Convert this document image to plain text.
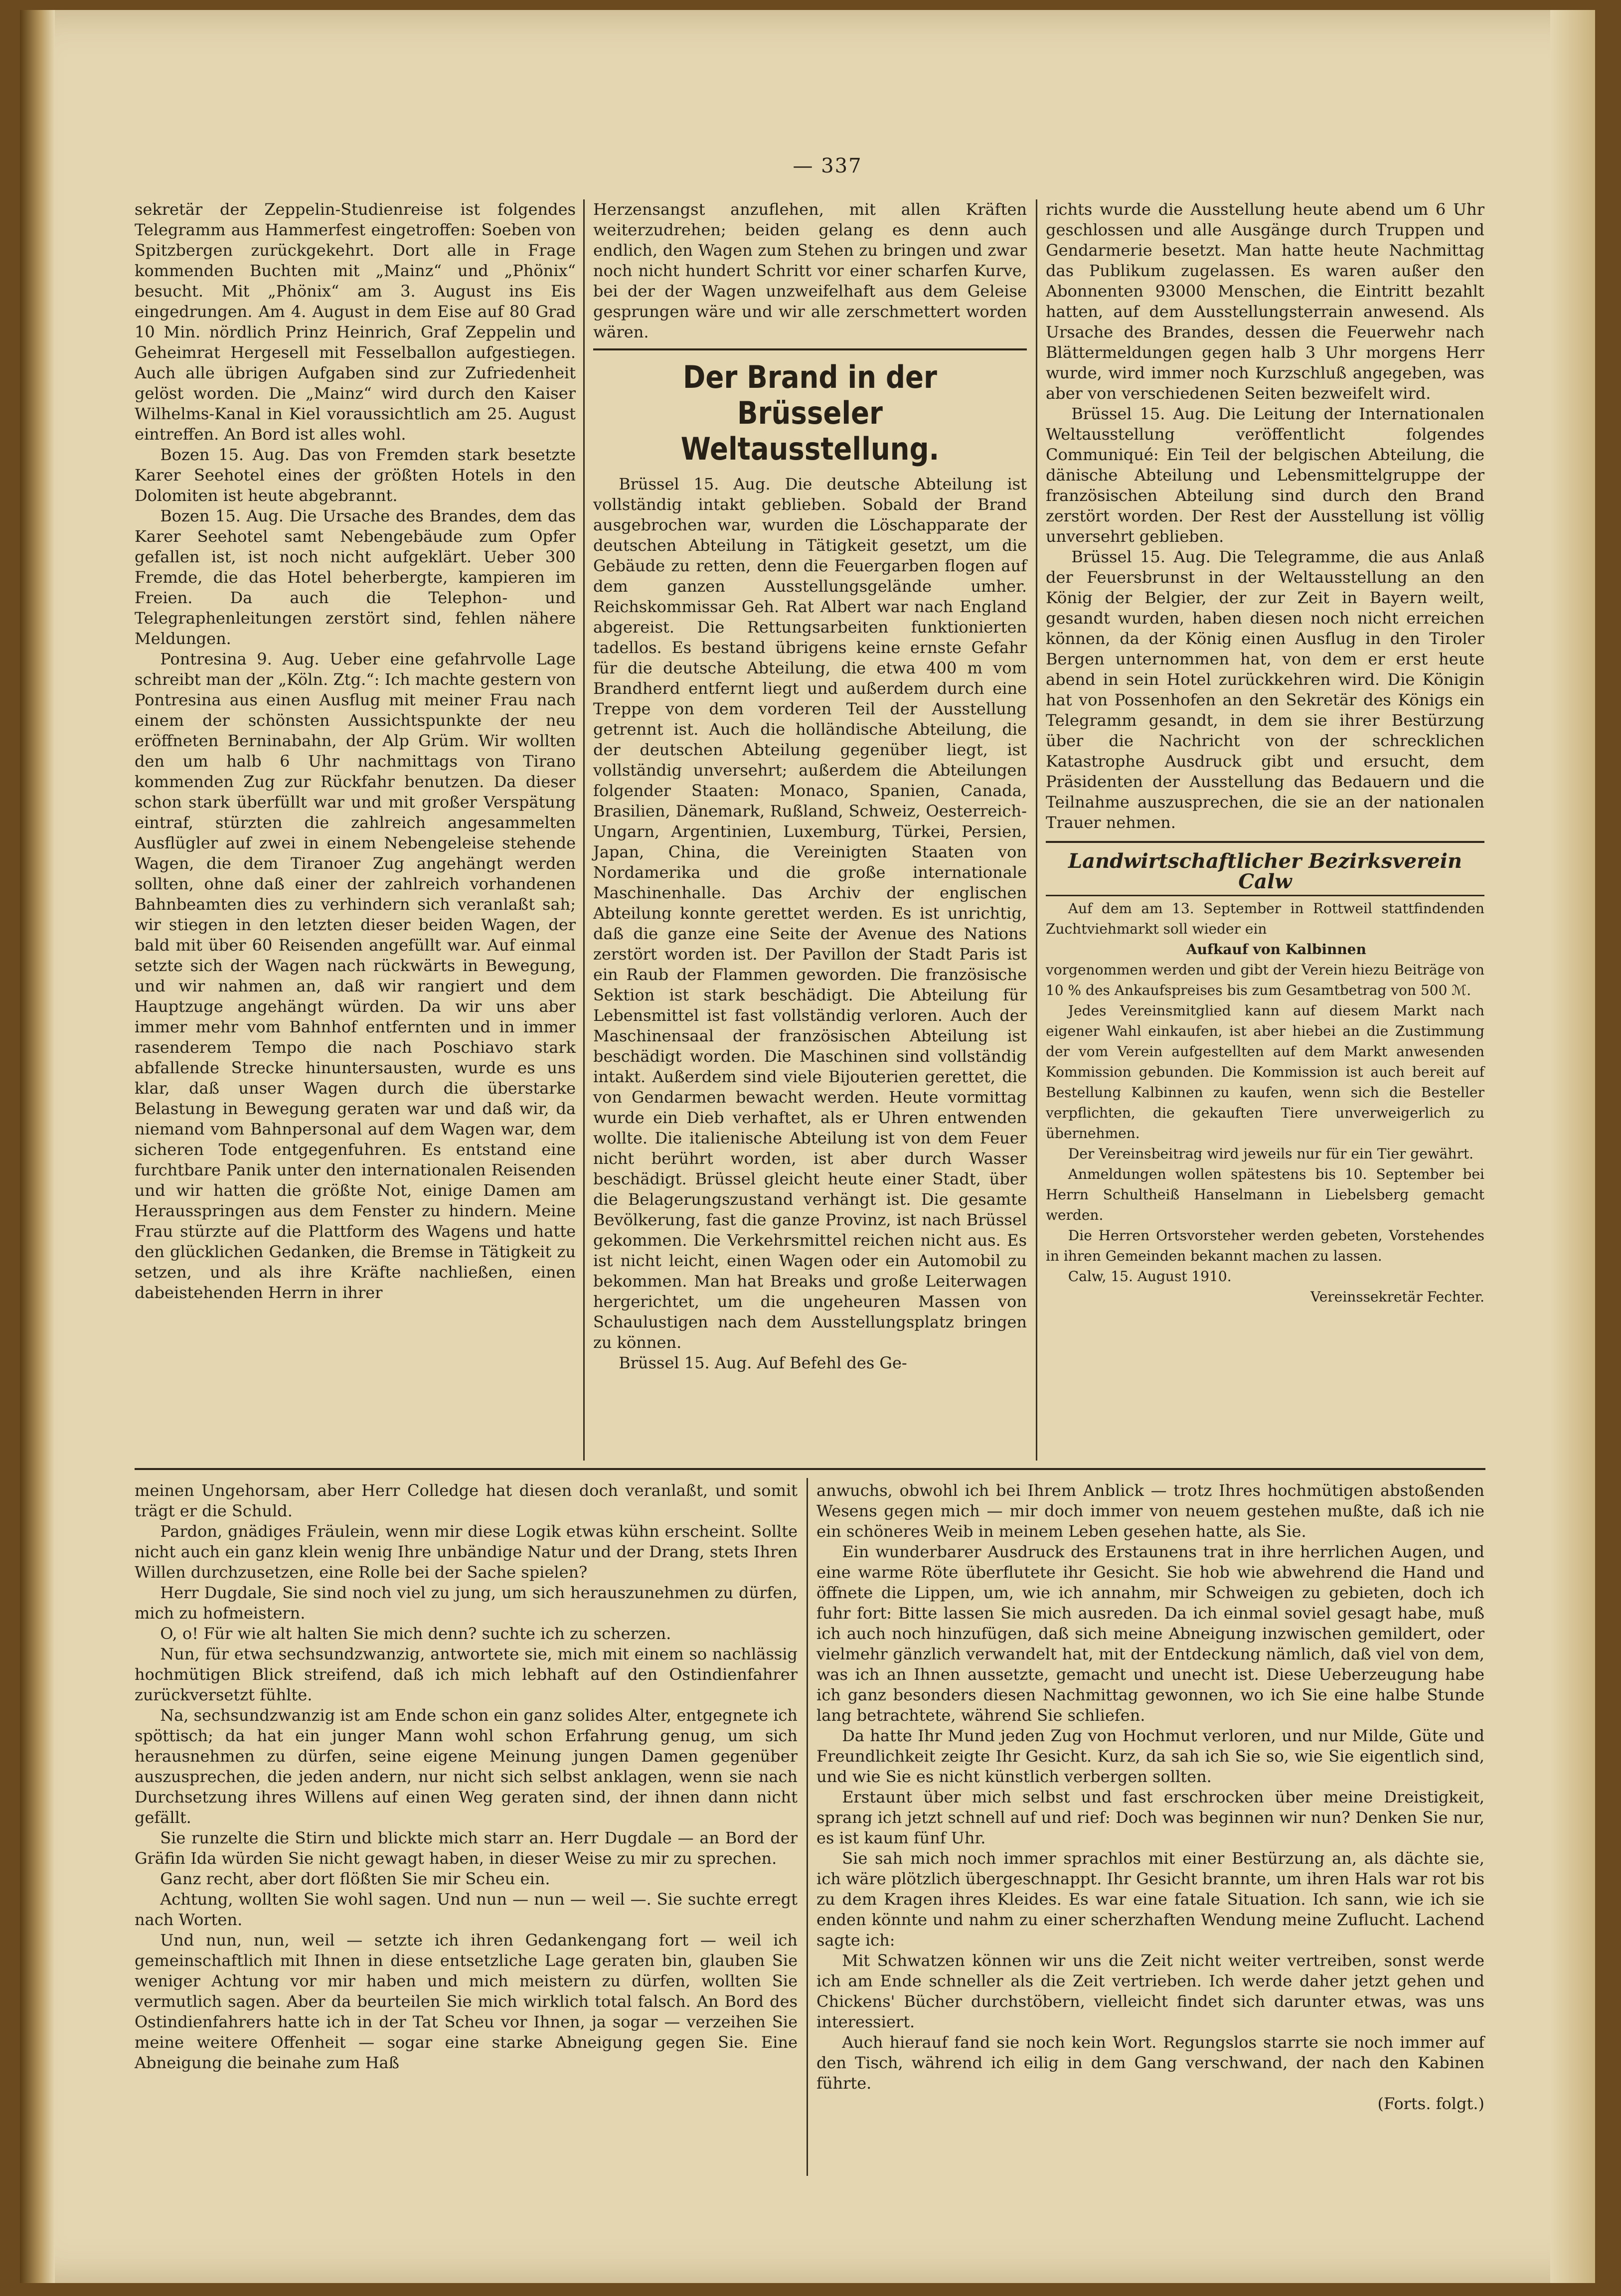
— 337

sekretär der Zeppelin-Studienreise ist folgendes Telegramm aus Hammerfest eingetroffen: Soeben von Spitzbergen zurückgekehrt. Dort alle in Frage kommenden Buchten mit „Mainz“ und „Phönix“ besucht. Mit „Phönix“ am 3. August ins Eis eingedrungen. Am 4. August in dem Eise auf 80 Grad 10 Min. nördlich Prinz Heinrich, Graf Zeppelin und Geheimrat Hergesell mit Fesselballon aufgestiegen. Auch alle übrigen Aufgaben sind zur Zufriedenheit gelöst worden. Die „Mainz“ wird durch den Kaiser Wilhelms-Kanal in Kiel voraussichtlich am 25. August eintreffen. An Bord ist alles wohl.

Bozen 15. Aug. Das von Fremden stark besetzte Karer Seehotel eines der größten Hotels in den Dolomiten ist heute abgebrannt.

Bozen 15. Aug. Die Ursache des Brandes, dem das Karer Seehotel samt Nebengebäude zum Opfer gefallen ist, ist noch nicht aufgeklärt. Ueber 300 Fremde, die das Hotel beherbergte, kampieren im Freien. Da auch die Telephon- und Telegraphenleitungen zerstört sind, fehlen nähere Meldungen.

Pontresina 9. Aug. Ueber eine gefahrvolle Lage schreibt man der „Köln. Ztg.“: Ich machte gestern von Pontresina aus einen Ausflug mit meiner Frau nach einem der schönsten Aussichtspunkte der neu eröffneten Berninabahn, der Alp Grüm. Wir wollten den um halb 6 Uhr nachmittags von Tirano kommenden Zug zur Rückfahr benutzen. Da dieser schon stark überfüllt war und mit großer Verspätung eintraf, stürzten die zahlreich angesammelten Ausflügler auf zwei in einem Nebengeleise stehende Wagen, die dem Tiranoer Zug angehängt werden sollten, ohne daß einer der zahlreich vorhandenen Bahnbeamten dies zu verhindern sich veranlaßt sah; wir stiegen in den letzten dieser beiden Wagen, der bald mit über 60 Reisenden angefüllt war. Auf einmal setzte sich der Wagen nach rückwärts in Bewegung, und wir nahmen an, daß wir rangiert und dem Hauptzuge angehängt würden. Da wir uns aber immer mehr vom Bahnhof entfernten und in immer rasenderem Tempo die nach Poschiavo stark abfallende Strecke hinuntersausten, wurde es uns klar, daß unser Wagen durch die überstarke Belastung in Bewegung geraten war und daß wir, da niemand vom Bahnpersonal auf dem Wagen war, dem sicheren Tode entgegenfuhren. Es entstand eine furchtbare Panik unter den internationalen Reisenden und wir hatten die größte Not, einige Damen am Herausspringen aus dem Fenster zu hindern. Meine Frau stürzte auf die Plattform des Wagens und hatte den glücklichen Gedanken, die Bremse in Tätigkeit zu setzen, und als ihre Kräfte nachließen, einen dabeistehenden Herrn in ihrer

Herzensangst anzuflehen, mit allen Kräften weiterzudrehen; beiden gelang es denn auch endlich, den Wagen zum Stehen zu bringen und zwar noch nicht hundert Schritt vor einer scharfen Kurve, bei der der Wagen unzweifelhaft aus dem Geleise gesprungen wäre und wir alle zerschmettert worden wären.

Der Brand in der Brüsseler Weltausstellung.

Brüssel 15. Aug. Die deutsche Abteilung ist vollständig intakt geblieben. Sobald der Brand ausgebrochen war, wurden die Löschapparate der deutschen Abteilung in Tätigkeit gesetzt, um die Gebäude zu retten, denn die Feuergarben flogen auf dem ganzen Ausstellungsgelände umher. Reichskommissar Geh. Rat Albert war nach England abgereist. Die Rettungsarbeiten funktionierten tadellos. Es bestand übrigens keine ernste Gefahr für die deutsche Abteilung, die etwa 400 m vom Brandherd entfernt liegt und außerdem durch eine Treppe von dem vorderen Teil der Ausstellung getrennt ist. Auch die holländische Abteilung, die der deutschen Abteilung gegenüber liegt, ist vollständig unversehrt; außerdem die Abteilungen folgender Staaten: Monaco, Spanien, Canada, Brasilien, Dänemark, Rußland, Schweiz, Oesterreich-Ungarn, Argentinien, Luxemburg, Türkei, Persien, Japan, China, die Vereinigten Staaten von Nordamerika und die große internationale Maschinenhalle. Das Archiv der englischen Abteilung konnte gerettet werden. Es ist unrichtig, daß die ganze eine Seite der Avenue des Nations zerstört worden ist. Der Pavillon der Stadt Paris ist ein Raub der Flammen geworden. Die französische Sektion ist stark beschädigt. Die Abteilung für Lebensmittel ist fast vollständig verloren. Auch der Maschinensaal der französischen Abteilung ist beschädigt worden. Die Maschinen sind vollständig intakt. Außerdem sind viele Bijouterien gerettet, die von Gendarmen bewacht werden. Heute vormittag wurde ein Dieb verhaftet, als er Uhren entwenden wollte. Die italienische Abteilung ist von dem Feuer nicht berührt worden, ist aber durch Wasser beschädigt. Brüssel gleicht heute einer Stadt, über die Belagerungszustand verhängt ist. Die gesamte Bevölkerung, fast die ganze Provinz, ist nach Brüssel gekommen. Die Verkehrsmittel reichen nicht aus. Es ist nicht leicht, einen Wagen oder ein Automobil zu bekommen. Man hat Breaks und große Leiterwagen hergerichtet, um die ungeheuren Massen von Schaulustigen nach dem Ausstellungsplatz bringen zu können.

Brüssel 15. Aug. Auf Befehl des Ge-

richts wurde die Ausstellung heute abend um 6 Uhr geschlossen und alle Ausgänge durch Truppen und Gendarmerie besetzt. Man hatte heute Nachmittag das Publikum zugelassen. Es waren außer den Abonnenten 93000 Menschen, die Eintritt bezahlt hatten, auf dem Ausstellungsterrain anwesend. Als Ursache des Brandes, dessen die Feuerwehr nach Blättermeldungen gegen halb 3 Uhr morgens Herr wurde, wird immer noch Kurzschluß angegeben, was aber von verschiedenen Seiten bezweifelt wird.

Brüssel 15. Aug. Die Leitung der Internationalen Weltausstellung veröffentlicht folgendes Communiqué: Ein Teil der belgischen Abteilung, die dänische Abteilung und Lebensmittelgruppe der französischen Abteilung sind durch den Brand zerstört worden. Der Rest der Ausstellung ist völlig unversehrt geblieben.

Brüssel 15. Aug. Die Telegramme, die aus Anlaß der Feuersbrunst in der Weltausstellung an den König der Belgier, der zur Zeit in Bayern weilt, gesandt wurden, haben diesen noch nicht erreichen können, da der König einen Ausflug in den Tiroler Bergen unternommen hat, von dem er erst heute abend in sein Hotel zurückkehren wird. Die Königin hat von Possenhofen an den Sekretär des Königs ein Telegramm gesandt, in dem sie ihrer Bestürzung über die Nachricht von der schrecklichen Katastrophe Ausdruck gibt und ersucht, dem Präsidenten der Ausstellung das Bedauern und die Teilnahme auszusprechen, die sie an der nationalen Trauer nehmen.

Landwirtschaftlicher Bezirksverein Calw

Auf dem am 13. September in Rottweil stattfindenden Zuchtviehmarkt soll wieder ein

Aufkauf von Kalbinnen

vorgenommen werden und gibt der Verein hiezu Beiträge von 10 % des Ankaufspreises bis zum Gesamtbetrag von 500 ℳ.

Jedes Vereinsmitglied kann auf diesem Markt nach eigener Wahl einkaufen, ist aber hiebei an die Zustimmung der vom Verein aufgestellten auf dem Markt anwesenden Kommission gebunden. Die Kommission ist auch bereit auf Bestellung Kalbinnen zu kaufen, wenn sich die Besteller verpflichten, die gekauften Tiere unverweigerlich zu übernehmen.

Der Vereinsbeitrag wird jeweils nur für ein Tier gewährt.

Anmeldungen wollen spätestens bis 10. September bei Herrn Schultheiß Hanselmann in Liebelsberg gemacht werden.

Die Herren Ortsvorsteher werden gebeten, Vorstehendes in ihren Gemeinden bekannt machen zu lassen.

Calw, 15. August 1910.

Vereinssekretär Fechter.

meinen Ungehorsam, aber Herr Colledge hat diesen doch veranlaßt, und somit trägt er die Schuld.

Pardon, gnädiges Fräulein, wenn mir diese Logik etwas kühn erscheint. Sollte nicht auch ein ganz klein wenig Ihre unbändige Natur und der Drang, stets Ihren Willen durchzusetzen, eine Rolle bei der Sache spielen?

Herr Dugdale, Sie sind noch viel zu jung, um sich herauszunehmen zu dürfen, mich zu hofmeistern.

O, o! Für wie alt halten Sie mich denn? suchte ich zu scherzen.

Nun, für etwa sechsundzwanzig, antwortete sie, mich mit einem so nachlässig hochmütigen Blick streifend, daß ich mich lebhaft auf den Ostindienfahrer zurückversetzt fühlte.

Na, sechsundzwanzig ist am Ende schon ein ganz solides Alter, entgegnete ich spöttisch; da hat ein junger Mann wohl schon Erfahrung genug, um sich herausnehmen zu dürfen, seine eigene Meinung jungen Damen gegenüber auszusprechen, die jeden andern, nur nicht sich selbst anklagen, wenn sie nach Durchsetzung ihres Willens auf einen Weg geraten sind, der ihnen dann nicht gefällt.

Sie runzelte die Stirn und blickte mich starr an. Herr Dugdale — an Bord der Gräfin Ida würden Sie nicht gewagt haben, in dieser Weise zu mir zu sprechen.

Ganz recht, aber dort flößten Sie mir Scheu ein.

Achtung, wollten Sie wohl sagen. Und nun — nun — weil —. Sie suchte erregt nach Worten.

Und nun, nun, weil — setzte ich ihren Gedankengang fort — weil ich gemeinschaftlich mit Ihnen in diese entsetzliche Lage geraten bin, glauben Sie weniger Achtung vor mir haben und mich meistern zu dürfen, wollten Sie vermutlich sagen. Aber da beurteilen Sie mich wirklich total falsch. An Bord des Ostindienfahrers hatte ich in der Tat Scheu vor Ihnen, ja sogar — verzeihen Sie meine weitere Offenheit — sogar eine starke Abneigung gegen Sie. Eine Abneigung die beinahe zum Haß

anwuchs, obwohl ich bei Ihrem Anblick — trotz Ihres hochmütigen abstoßenden Wesens gegen mich — mir doch immer von neuem gestehen mußte, daß ich nie ein schöneres Weib in meinem Leben gesehen hatte, als Sie.

Ein wunderbarer Ausdruck des Erstaunens trat in ihre herrlichen Augen, und eine warme Röte überflutete ihr Gesicht. Sie hob wie abwehrend die Hand und öffnete die Lippen, um, wie ich annahm, mir Schweigen zu gebieten, doch ich fuhr fort: Bitte lassen Sie mich ausreden. Da ich einmal soviel gesagt habe, muß ich auch noch hinzufügen, daß sich meine Abneigung inzwischen gemildert, oder vielmehr gänzlich verwandelt hat, mit der Entdeckung nämlich, daß viel von dem, was ich an Ihnen aussetzte, gemacht und unecht ist. Diese Ueberzeugung habe ich ganz besonders diesen Nachmittag gewonnen, wo ich Sie eine halbe Stunde lang betrachtete, während Sie schliefen.

Da hatte Ihr Mund jeden Zug von Hochmut verloren, und nur Milde, Güte und Freundlichkeit zeigte Ihr Gesicht. Kurz, da sah ich Sie so, wie Sie eigentlich sind, und wie Sie es nicht künstlich verbergen sollten.

Erstaunt über mich selbst und fast erschrocken über meine Dreistigkeit, sprang ich jetzt schnell auf und rief: Doch was beginnen wir nun? Denken Sie nur, es ist kaum fünf Uhr.

Sie sah mich noch immer sprachlos mit einer Bestürzung an, als dächte sie, ich wäre plötzlich übergeschnappt. Ihr Gesicht brannte, um ihren Hals war rot bis zu dem Kragen ihres Kleides. Es war eine fatale Situation. Ich sann, wie ich sie enden könnte und nahm zu einer scherzhaften Wendung meine Zuflucht. Lachend sagte ich:

Mit Schwatzen können wir uns die Zeit nicht weiter vertreiben, sonst werde ich am Ende schneller als die Zeit vertrieben. Ich werde daher jetzt gehen und Chickens' Bücher durchstöbern, vielleicht findet sich darunter etwas, was uns interessiert.

Auch hierauf fand sie noch kein Wort. Regungslos starrte sie noch immer auf den Tisch, während ich eilig in dem Gang verschwand, der nach den Kabinen führte.

(Forts. folgt.)
